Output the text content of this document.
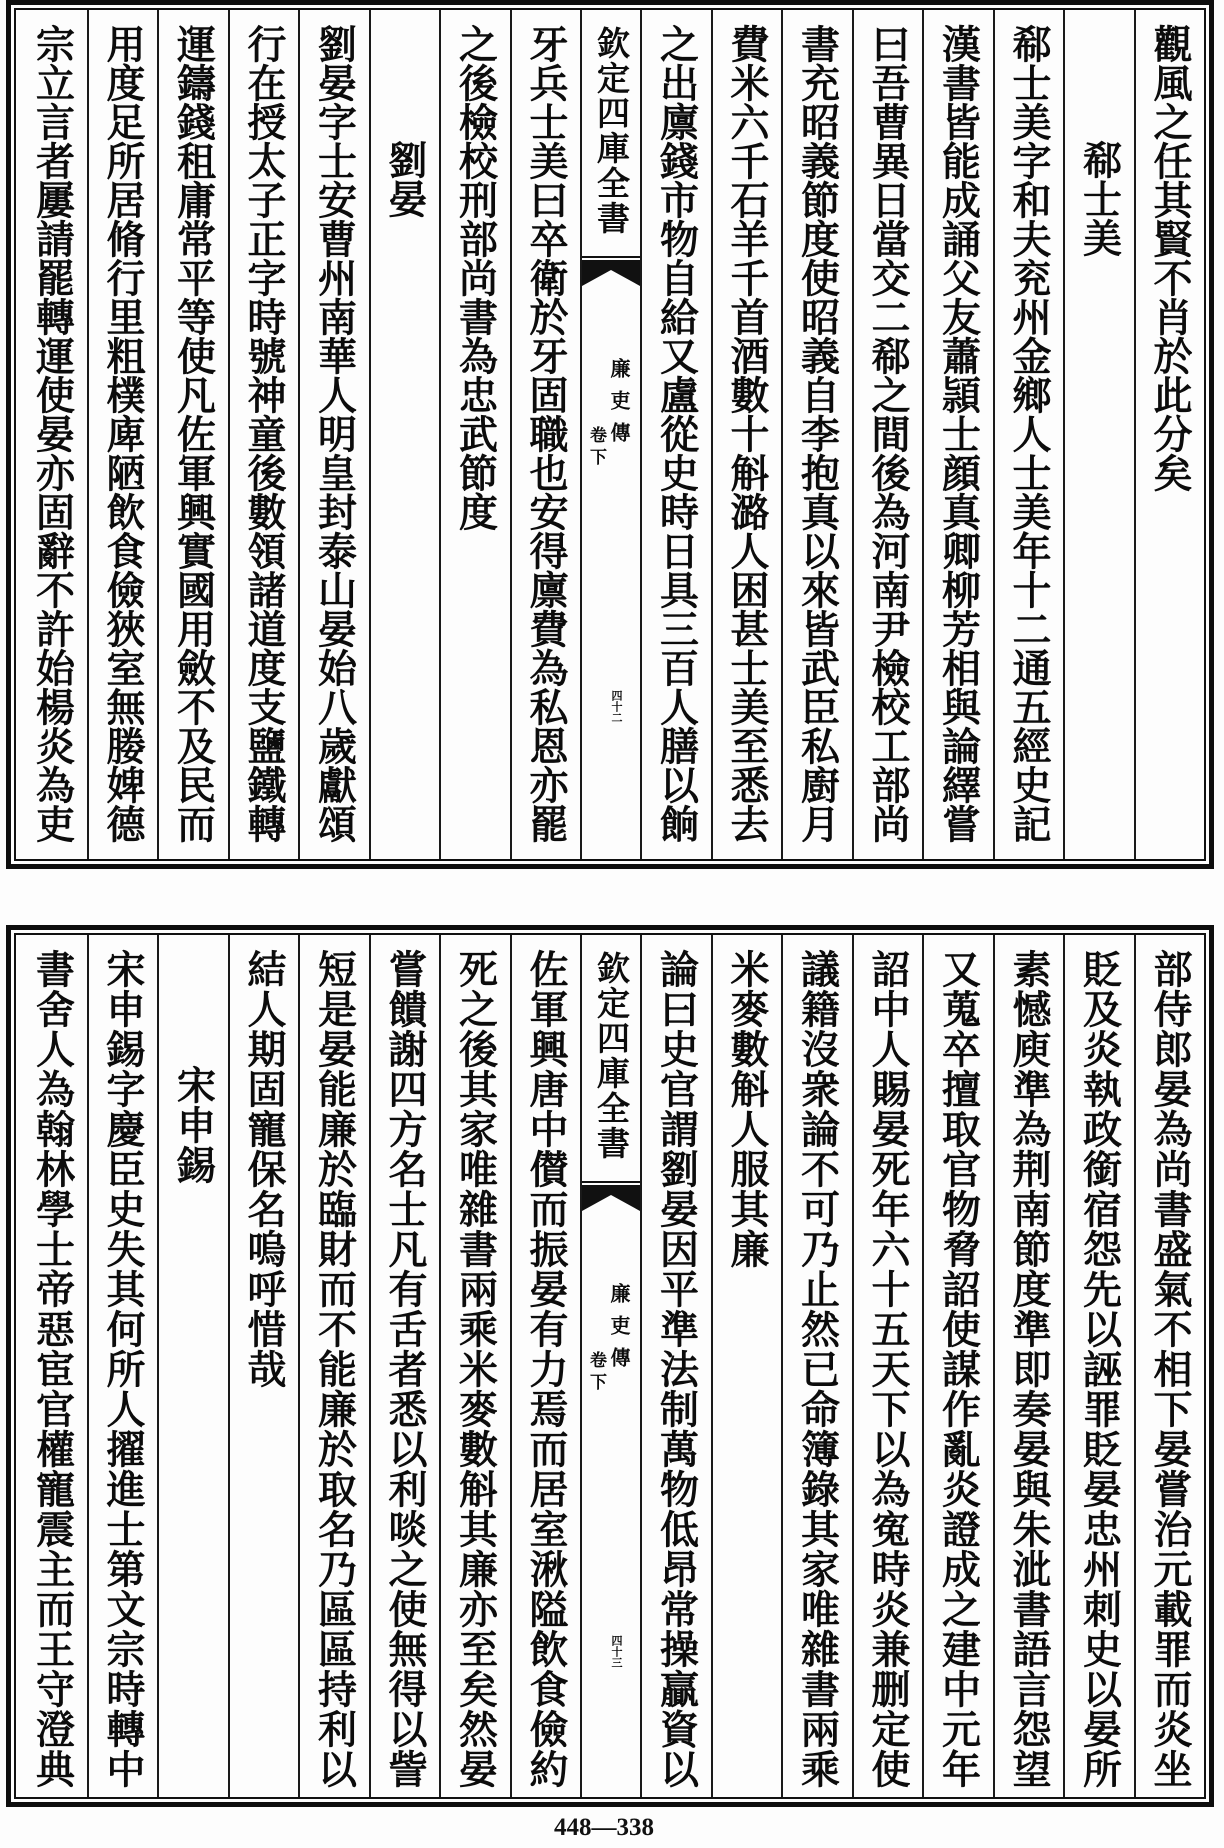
觀風之任其賢不肖於此分矣
郗士美
郗士美字和夫兖州金鄉人士美年十二通五經史記
漢書皆能成誦父友蕭頴士顔真卿柳芳相與論繹嘗
曰吾曹異日當交二郗之間後為河南尹檢校工部尚
書充昭義節度使昭義自李抱真以來皆武臣私廚月
費米六千石羊千首酒數十斛潞人困甚士美至悉去
之出廪錢市物自給又盧從史時日具三百人膳以餉
欽定四庫全書
廉吏傳
卷下
四十二
牙兵士美曰卒衛於牙固職也安得廪費為私恩亦罷
之後檢校刑部尚書為忠武節度
劉晏
劉晏字士安曹州南華人明皇封泰山晏始八歲獻頌
行在授太子正字時號神童後數領諸道度支鹽鐵轉
運鑄錢租庸常平等使凡佐軍興實國用斂不及民而
用度足所居脩行里粗樸庳陋飲食儉狹室無媵婢德
宗立言者屢請罷轉運使晏亦固辭不許始楊炎為吏
部侍郎晏為尚書盛氣不相下晏嘗治元載罪而炎坐
貶及炎執政銜宿怨先以誣罪貶晏忠州刺史以晏所
素憾庾準為荆南節度準即奏晏與朱泚書語言怨望
又蒐卒擅取官物脅詔使謀作亂炎證成之建中元年
詔中人賜晏死年六十五天下以為寃時炎兼删定使
議籍沒衆論不可乃止然已命簿錄其家唯雜書兩乘
米麥數斛人服其廉
論曰史官謂劉晏因平準法制萬物低昂常操贏資以
欽定四庫全書
廉吏傳
卷下
四十三
佐軍興唐中儧而振晏有力焉而居室湫隘飲食儉約
死之後其家唯雜書兩乘米麥數斛其廉亦至矣然晏
嘗饋謝四方名士凡有舌者悉以利啖之使無得以訾
短是晏能廉於臨財而不能廉於取名乃區區持利以
結人期固寵保名嗚呼惜哉
宋申錫
宋申錫字慶臣史失其何所人擢進士第文宗時轉中
書舍人為翰林學士帝惡宦官權寵震主而王守澄典
448—338
